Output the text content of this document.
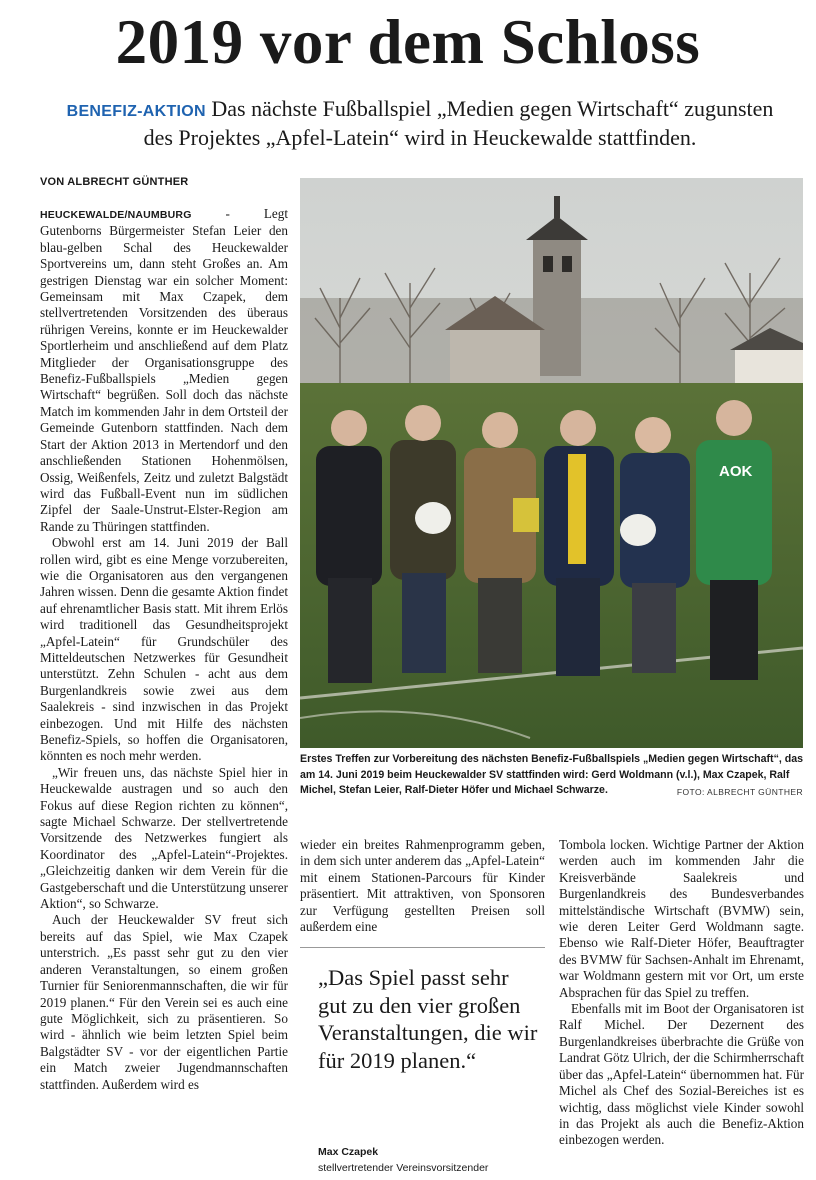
2019 vor dem Schloss
BENEFIZ-AKTION Das nächste Fußballspiel „Medien gegen Wirtschaft“ zugunsten des Projektes „Apfel-Latein“ wird in Heuckewalde stattfinden.
VON ALBRECHT GÜNTHER

HEUCKEWALDE/NAUMBURG - Legt Gutenborns Bürgermeister Stefan Leier den blau-gelben Schal des Heuckewalder Sportvereins um, dann steht Großes an. Am gestrigen Dienstag war ein solcher Moment: Gemeinsam mit Max Czapek, dem stellvertretenden Vorsitzenden des überaus rührigen Vereins, konnte er im Heuckewalder Sportlerheim und anschließend auf dem Platz Mitglieder der Organisationsgruppe des Benefiz-Fußballspiels „Medien gegen Wirtschaft“ begrüßen. Soll doch das nächste Match im kommenden Jahr in dem Ortsteil der Gemeinde Gutenborn stattfinden. Nach dem Start der Aktion 2013 in Mertendorf und den anschließenden Stationen Hohenmölsen, Ossig, Weißenfels, Zeitz und zuletzt Balgstädt wird das Fußball-Event nun im südlichen Zipfel der Saale-Unstrut-Elster-Region am Rande zu Thüringen stattfinden.

Obwohl erst am 14. Juni 2019 der Ball rollen wird, gibt es eine Menge vorzubereiten, wie die Organisatoren aus den vergangenen Jahren wissen. Denn die gesamte Aktion findet auf ehrenamtlicher Basis statt. Mit ihrem Erlös wird traditionell das Gesundheitsprojekt „Apfel-Latein“ für Grundschüler des Mitteldeutschen Netzwerkes für Gesundheit unterstützt. Zehn Schulen - acht aus dem Burgenlandkreis sowie zwei aus dem Saalekreis - sind inzwischen in das Projekt einbezogen. Und mit Hilfe des nächsten Benefiz-Spiels, so hoffen die Organisatoren, könnten es noch mehr werden.

„Wir freuen uns, das nächste Spiel hier in Heuckewalde austragen und so auch den Fokus auf diese Region richten zu können“, sagte Michael Schwarze. Der stellvertretende Vorsitzende des Netzwerkes fungiert als Koordinator des „Apfel-Latein“-Projektes. „Gleichzeitig danken wir dem Verein für die Gastgeberschaft und die Unterstützung unserer Aktion“, so Schwarze.

Auch der Heuckewalder SV freut sich bereits auf das Spiel, wie Max Czapek unterstrich. „Es passt sehr gut zu den vier anderen Veranstaltungen, so einem großen Turnier für Seniorenmannschaften, die wir für 2019 planen.“ Für den Verein sei es auch eine gute Möglichkeit, sich zu präsentieren. So wird - ähnlich wie beim letzten Spiel beim Balgstädter SV - vor der eigentlichen Partie ein Match zweier Jugendmannschaften stattfinden. Außerdem wird es

AOK
Erstes Treffen zur Vorbereitung des nächsten Benefiz-Fußballspiels „Medien gegen Wirtschaft“, das am 14. Juni 2019 beim Heuckewalder SV stattfinden wird: Gerd Woldmann (v.l.), Max Czapek, Ralf Michel, Stefan Leier, Ralf-Dieter Höfer und Michael Schwarze.	FOTO: ALBRECHT GÜNTHER

wieder ein breites Rahmenprogramm geben, in dem sich unter anderem das „Apfel-Latein“ mit einem Stationen-Parcours für Kinder präsentiert. Mit attraktiven, von Sponsoren zur Verfügung gestellten Preisen soll außerdem eine

„Das Spiel passt sehr gut zu den vier großen Veranstaltungen, die wir für 2019 planen.“
Max Czapek
stellvertretender Vereinsvorsitzender

Tombola locken. Wichtige Partner der Aktion werden auch im kommenden Jahr die Kreisverbände Saalekreis und Burgenlandkreis des Bundesverbandes mittelständische Wirtschaft (BVMW) sein, wie deren Leiter Gerd Woldmann sagte. Ebenso wie Ralf-Dieter Höfer, Beauftragter des BVMW für Sachsen-Anhalt im Ehrenamt, war Woldmann gestern mit vor Ort, um erste Absprachen für das Spiel zu treffen.

Ebenfalls mit im Boot der Organisatoren ist Ralf Michel. Der Dezernent des Burgenlandkreises überbrachte die Grüße von Landrat Götz Ulrich, der die Schirmherrschaft über das „Apfel-Latein“ übernommen hat. Für Michel als Chef des Sozial-Bereiches ist es wichtig, dass möglichst viele Kinder sowohl in das Projekt als auch die Benefiz-Aktion einbezogen werden.
